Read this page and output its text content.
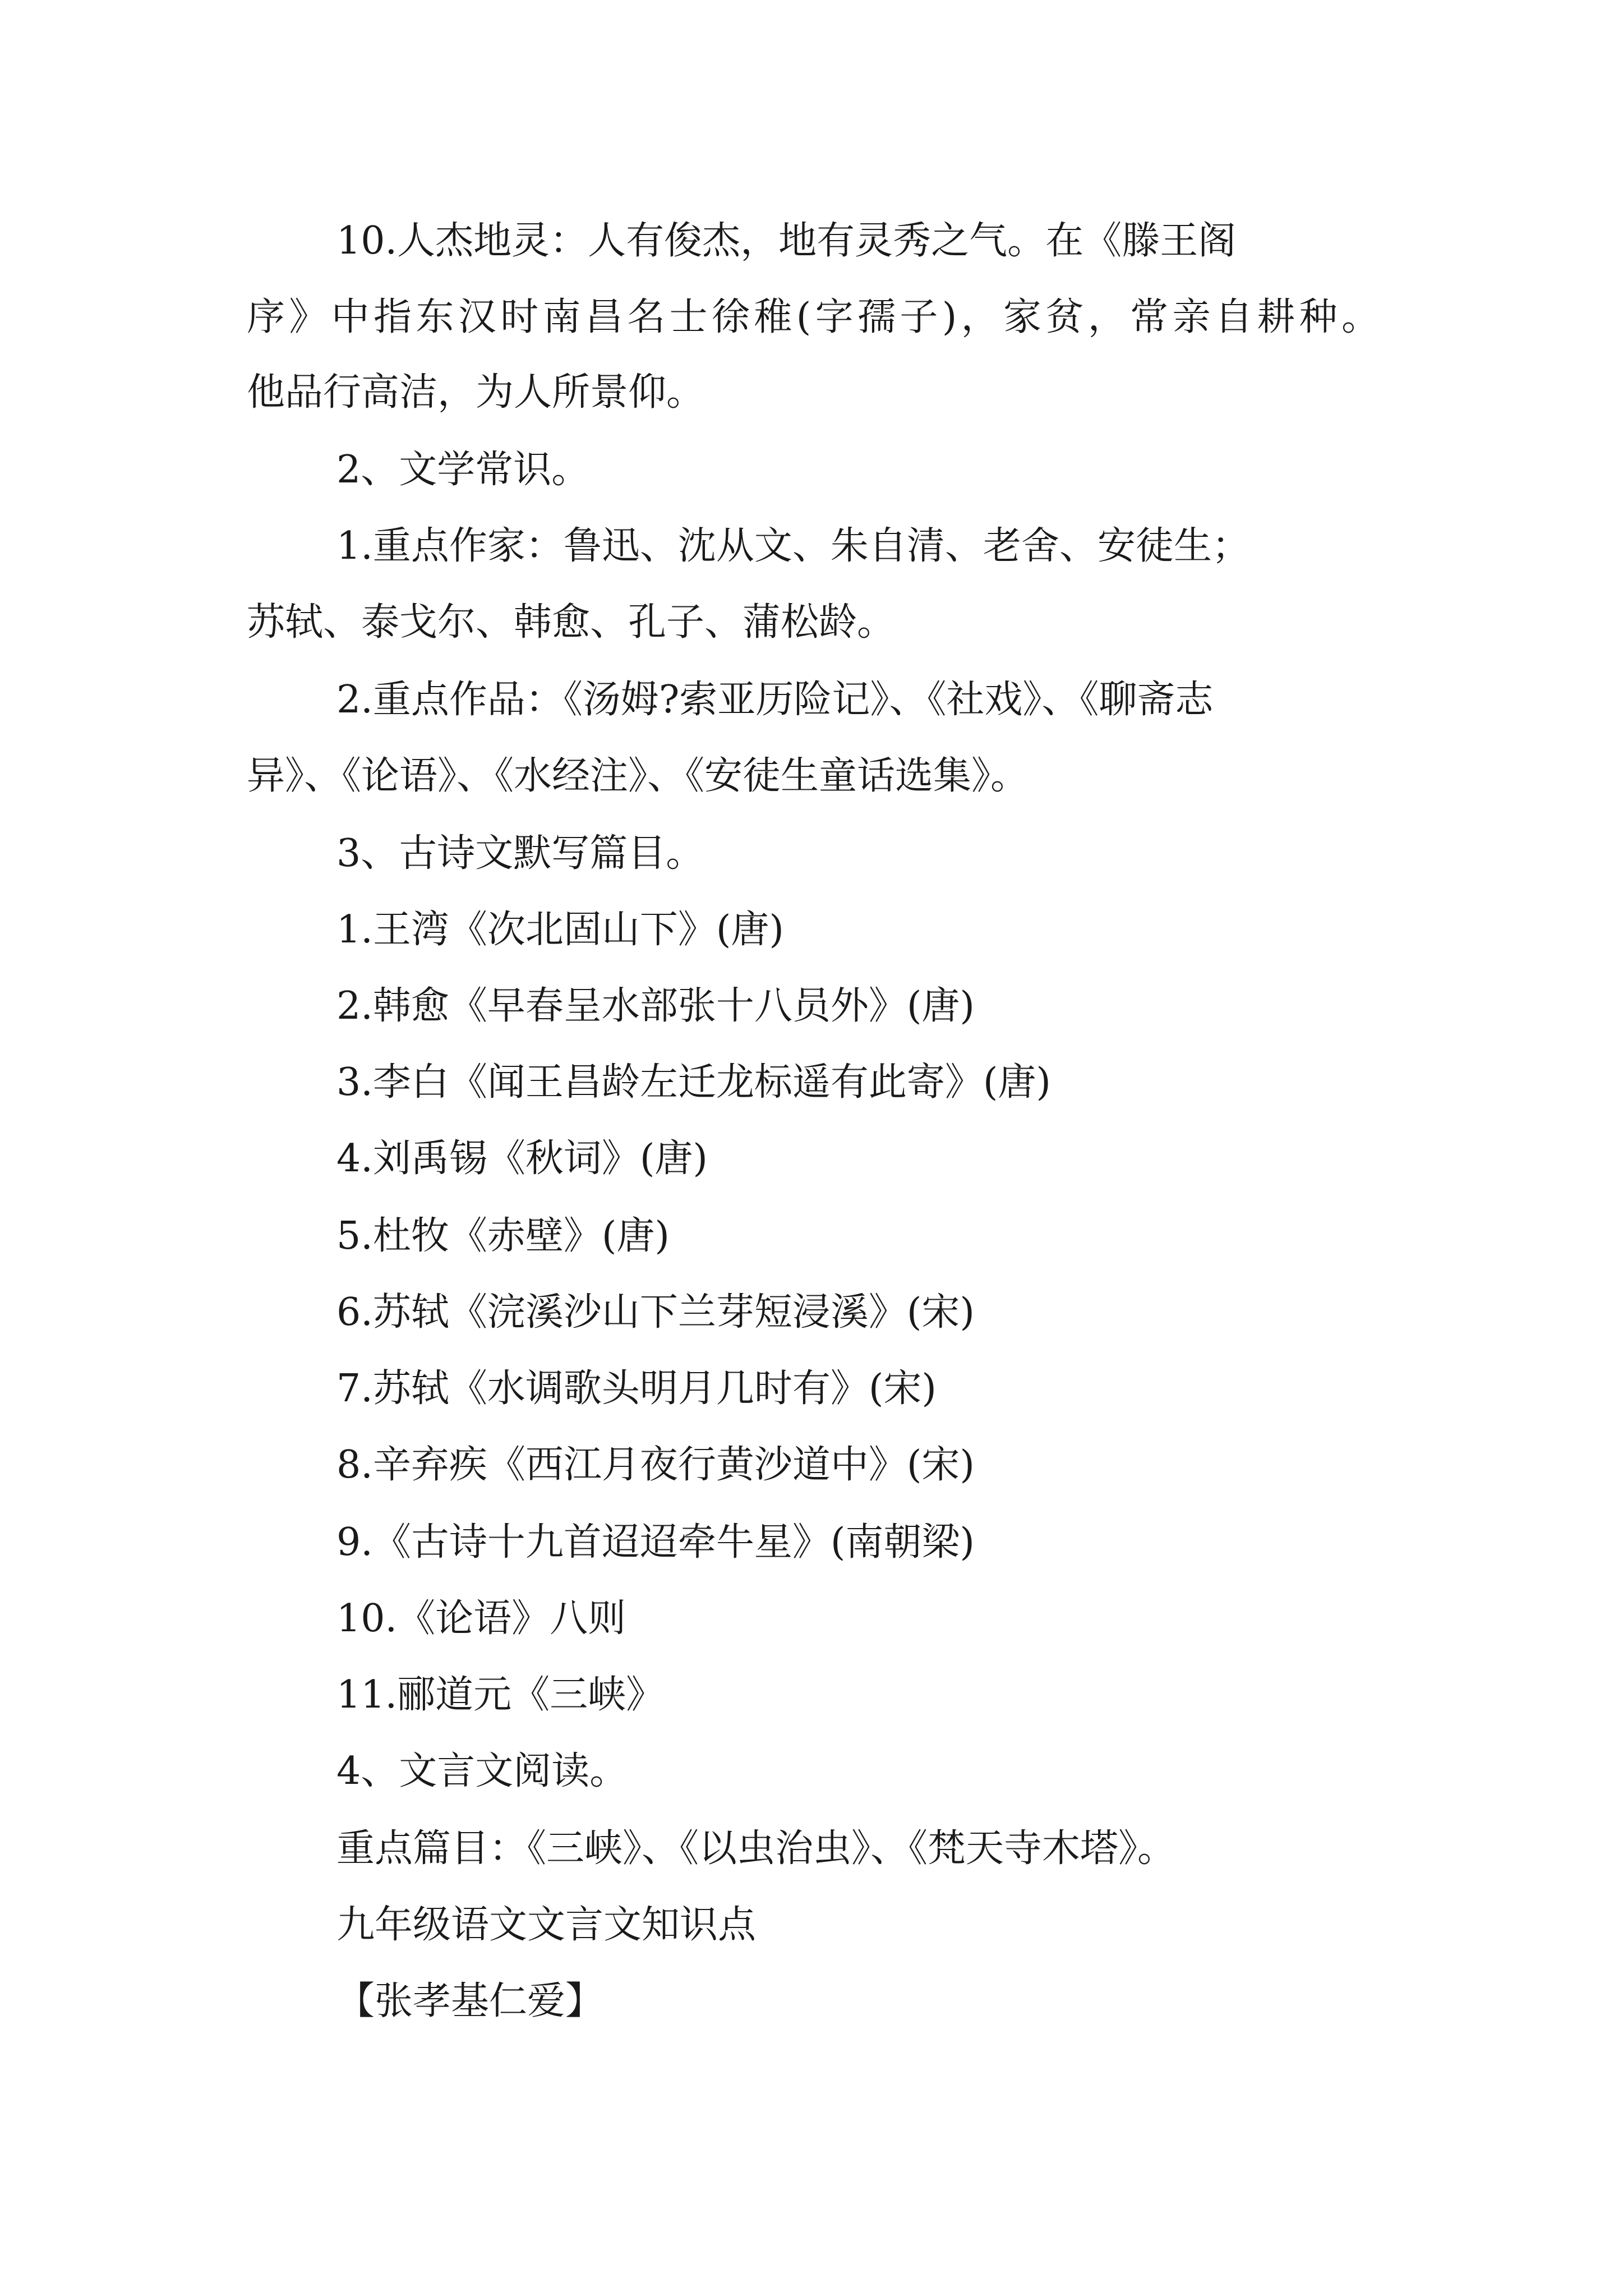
10.人杰地灵：人有俊杰，地有灵秀之气。在《滕王阁
序》中指东汉时南昌名士徐稚(字孺子)，家贫，常亲自耕种。
他品行高洁，为人所景仰。
2、文学常识。
1.重点作家：鲁迅、沈从文、朱自清、老舍、安徒生；
苏轼、泰戈尔、韩愈、孔子、蒲松龄。
2.重点作品：《汤姆?索亚历险记》、《社戏》、《聊斋志
异》、《论语》、《水经注》、《安徒生童话选集》。
3、古诗文默写篇目。
1.王湾《次北固山下》(唐)
2.韩愈《早春呈水部张十八员外》(唐)
3.李白《闻王昌龄左迁龙标遥有此寄》(唐)
4.刘禹锡《秋词》(唐)
5.杜牧《赤壁》(唐)
6.苏轼《浣溪沙山下兰芽短浸溪》(宋)
7.苏轼《水调歌头明月几时有》(宋)
8.辛弃疾《西江月夜行黄沙道中》(宋)
9.《古诗十九首迢迢牵牛星》(南朝梁)
10.《论语》八则
11.郦道元《三峡》
4、文言文阅读。
重点篇目：《三峡》、《以虫治虫》、《梵天寺木塔》。
九年级语文文言文知识点
【张孝基仁爱】
